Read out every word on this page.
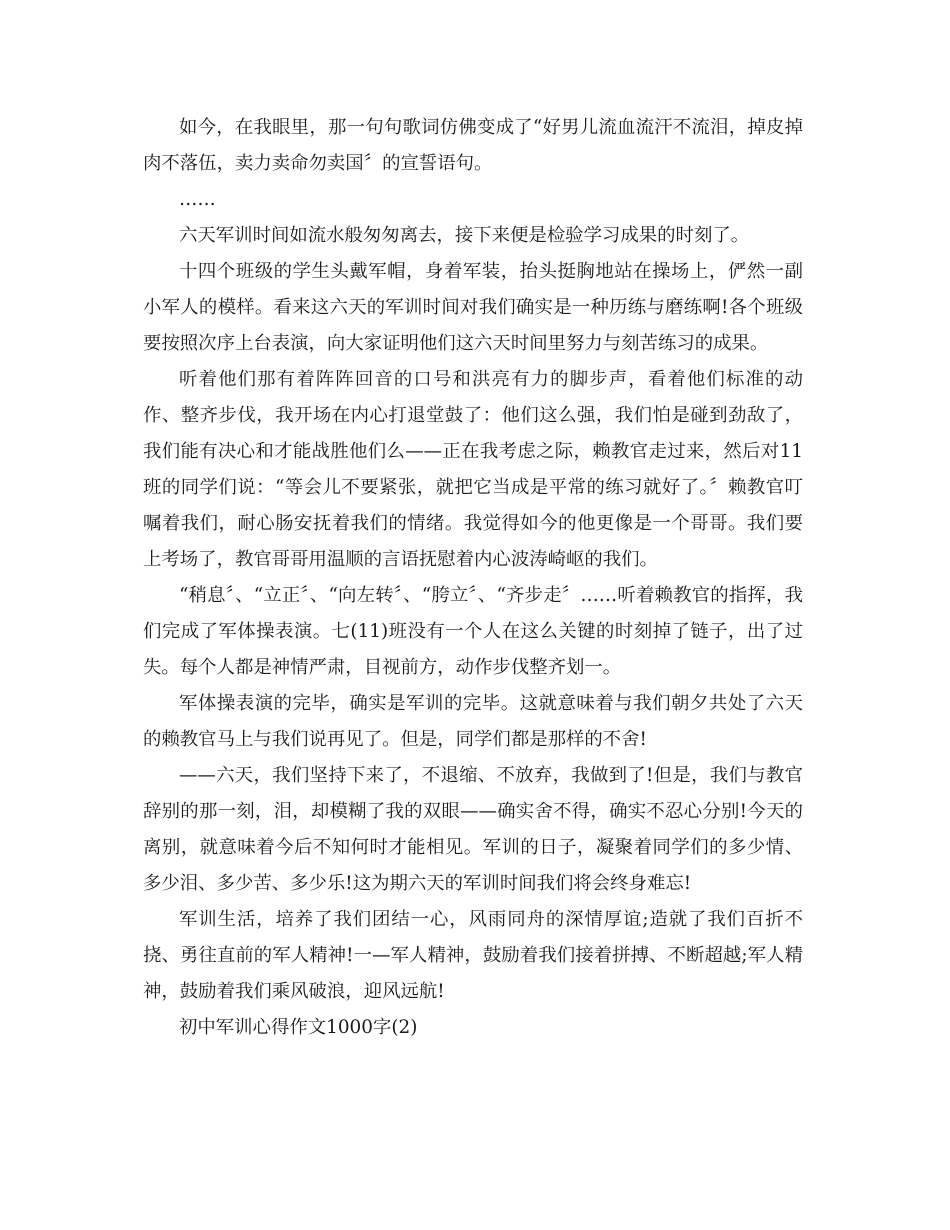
如今，在我眼里，那一句句歌词仿佛变成了“好男儿流血流汗不流泪，掉皮掉肉不落伍，卖力卖命勿卖国〞的宣誓语句。

……

六天军训时间如流水般匆匆离去，接下来便是检验学习成果的时刻了。

十四个班级的学生头戴军帽，身着军装，抬头挺胸地站在操场上，俨然一副小军人的模样。看来这六天的军训时间对我们确实是一种历练与磨练啊!各个班级要按照次序上台表演，向大家证明他们这六天时间里努力与刻苦练习的成果。

听着他们那有着阵阵回音的口号和洪亮有力的脚步声，看着他们标准的动作、整齐步伐，我开场在内心打退堂鼓了：他们这么强，我们怕是碰到劲敌了，我们能有决心和才能战胜他们么——正在我考虑之际，赖教官走过来，然后对11班的同学们说：“等会儿不要紧张，就把它当成是平常的练习就好了。〞赖教官叮嘱着我们，耐心肠安抚着我们的情绪。我觉得如今的他更像是一个哥哥。我们要上考场了，教官哥哥用温顺的言语抚慰着内心波涛崎岖的我们。

“稍息〞、“立正〞、“向左转〞、“胯立〞、“齐步走〞……听着赖教官的指挥，我们完成了军体操表演。七(11)班没有一个人在这么关键的时刻掉了链子，出了过失。每个人都是神情严肃，目视前方，动作步伐整齐划一。

军体操表演的完毕，确实是军训的完毕。这就意味着与我们朝夕共处了六天的赖教官马上与我们说再见了。但是，同学们都是那样的不舍!

——六天，我们坚持下来了，不退缩、不放弃，我做到了!但是，我们与教官辞别的那一刻，泪，却模糊了我的双眼——确实舍不得，确实不忍心分别!今天的离别，就意味着今后不知何时才能相见。军训的日子，凝聚着同学们的多少情、多少泪、多少苦、多少乐!这为期六天的军训时间我们将会终身难忘!

军训生活，培养了我们团结一心，风雨同舟的深情厚谊;造就了我们百折不挠、勇往直前的军人精神!一—军人精神，鼓励着我们接着拼搏、不断超越;军人精神，鼓励着我们乘风破浪，迎风远航!

初中军训心得作文1000字(2)
